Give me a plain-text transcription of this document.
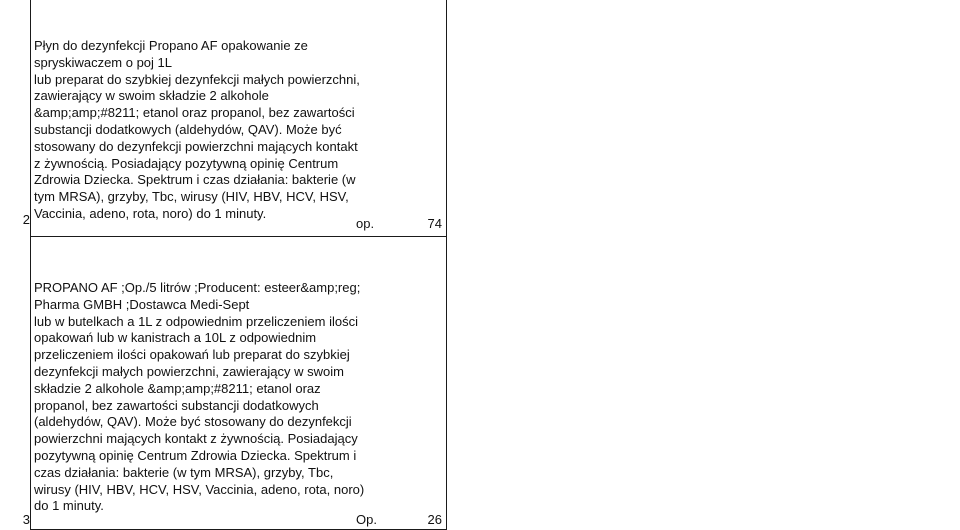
2
Płyn do dezynfekcji Propano AF opakowanie ze
spryskiwaczem o poj 1L
lub preparat do szybkiej dezynfekcji małych powierzchni,
zawierający w swoim składzie 2 alkohole
&amp;amp;#8211; etanol oraz propanol, bez zawartości
substancji dodatkowych (aldehydów, QAV). Może być
stosowany do dezynfekcji powierzchni mających kontakt
z żywnością. Posiadający pozytywną opinię Centrum
Zdrowia Dziecka. Spektrum i czas działania: bakterie (w
tym MRSA), grzyby, Tbc, wirusy (HIV, HBV, HCV, HSV,
Vaccinia, adeno, rota, noro) do 1 minuty.
op.	74
3
PROPANO AF ;Op./5 litrów ;Producent: esteer&amp;reg;
Pharma GMBH ;Dostawca Medi-Sept
lub w butelkach a 1L z odpowiednim przeliczeniem ilości
opakowań lub w kanistrach a 10L z odpowiednim
przeliczeniem ilości opakowań lub preparat do szybkiej
dezynfekcji małych powierzchni, zawierający w swoim
składzie 2 alkohole &amp;amp;#8211; etanol oraz
propanol, bez zawartości substancji dodatkowych
(aldehydów, QAV). Może być stosowany do dezynfekcji
powierzchni mających kontakt z żywnością. Posiadający
pozytywną opinię Centrum Zdrowia Dziecka. Spektrum i
czas działania: bakterie (w tym MRSA), grzyby, Tbc,
wirusy (HIV, HBV, HCV, HSV, Vaccinia, adeno, rota, noro)
do 1 minuty.
Op.	26
